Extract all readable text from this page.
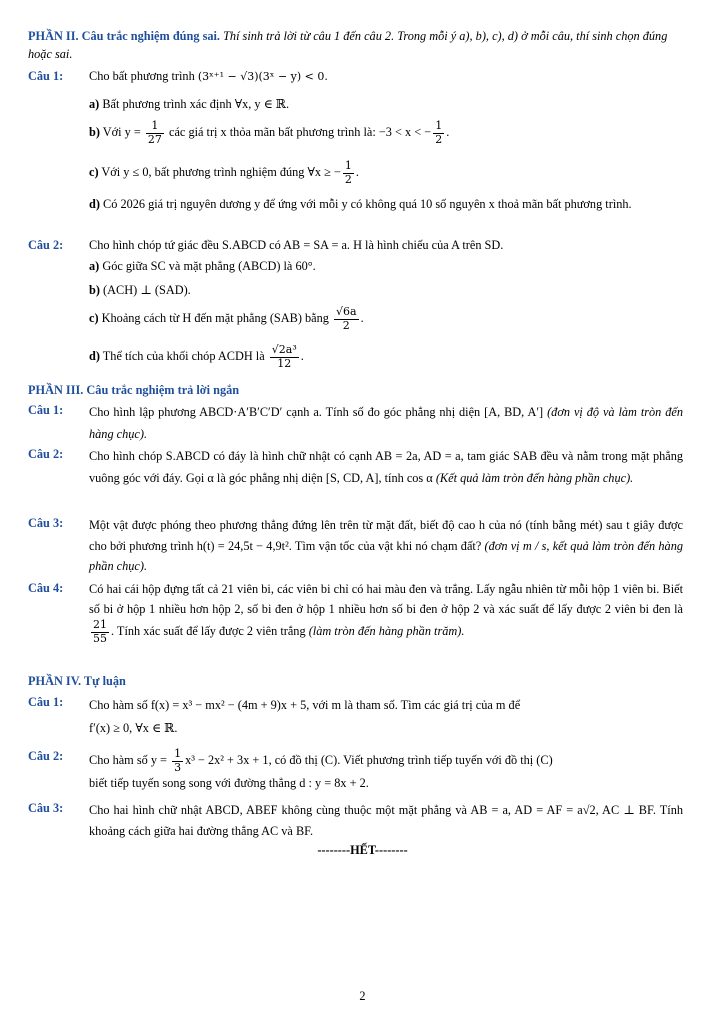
PHẦN II. Câu trắc nghiệm đúng sai. Thí sinh trả lời từ câu 1 đến câu 2. Trong mỗi ý a), b), c), d) ở mỗi câu, thí sinh chọn đúng hoặc sai.
Câu 1: Cho bất phương trình (3ˣ⁺¹ − √3)(3ˣ − y) < 0.
a) Bất phương trình xác định ∀x, y ∈ ℝ.
b) Với $y = \frac{1}{27}$ các giá trị x thỏa mãn bất phương trình là: −3 < x < − $\frac{1}{2}$ .
c) Với y ≤ 0, bất phương trình nghiệm đúng ∀x ≥ − $\frac{1}{2}$ .
d) Có 2026 giá trị nguyên dương y để ứng với mỗi y có không quá 10 số nguyên x thoả mãn bất phương trình.
Câu 2: Cho hình chóp tứ giác đều S.ABCD có AB = SA = a. H là hình chiếu của A trên SD.
a) Góc giữa SC và mặt phẳng (ABCD) là 60°.
b) (ACH) ⊥ (SAD).
c) Khoảng cách từ H đến mặt phẳng (SAB) bằng $\frac{√6a}{2}$ .
d) Thể tích của khối chóp ACDH là $\frac{\text{√2a³}}{12}$ .
PHẦN III. Câu trắc nghiệm trả lời ngắn
Câu 1: Cho hình lập phương ABCD·A′B′C′D′ cạnh a. Tính số đo góc phẳng nhị diện [A, BD, A′] (đơn vị độ và làm tròn đến hàng chục).
Câu 2: Cho hình chóp S.ABCD có đáy là hình chữ nhật có cạnh AB = 2a, AD = a, tam giác SAB đều và nằm trong mặt phẳng vuông góc với đáy. Gọi α là góc phẳng nhị diện [S, CD, A], tính cos α (Kết quả làm tròn đến hàng phần chục).
Câu 3: Một vật được phóng theo phương thẳng đứng lên trên từ mặt đất, biết độ cao h của nó (tính bằng mét) sau t giây được cho bởi phương trình h(t) = 24,5t − 4,9t². Tìm vận tốc của vật khi nó chạm đất? (đơn vị m / s, kết quả làm tròn đến hàng phần chục).
Câu 4: Có hai cái hộp đựng tất cả 21 viên bi, các viên bi chỉ có hai màu đen và trắng. Lấy ngẫu nhiên từ mỗi hộp 1 viên bi. Biết số bi ở hộp 1 nhiều hơn hộp 2, số bi đen ở hộp 1 nhiều hơn số bi đen ở hộp 2 và xác suất để lấy được 2 viên bi đen là
$\frac{21}{55}$ . Tính xác suất để lấy được 2 viên trắng (làm tròn đến hàng phần trăm).
PHẦN IV. Tự luận
Câu 1: Cho hàm số f(x) = x³ − mx² − (4m + 9)x + 5, với m là tham số. Tìm các giá trị của m để
f′(x) ≥ 0, ∀x ∈ ℝ.
Câu 2: Cho hàm số $y = \frac{1}{3} x^3 - 2x^2 + 3x + 1$, có đồ thị (C). Viết phương trình tiếp tuyến với đồ thị (C)
biết tiếp tuyến song song với đường thẳng d : y = 8x + 2.
Câu 3: Cho hai hình chữ nhật ABCD, ABEF không cùng thuộc một mặt phẳng và AB = a, AD = AF = a√2, AC ⊥ BF. Tính khoảng cách giữa hai đường thẳng AC và BF.
--------HẾT--------
2
